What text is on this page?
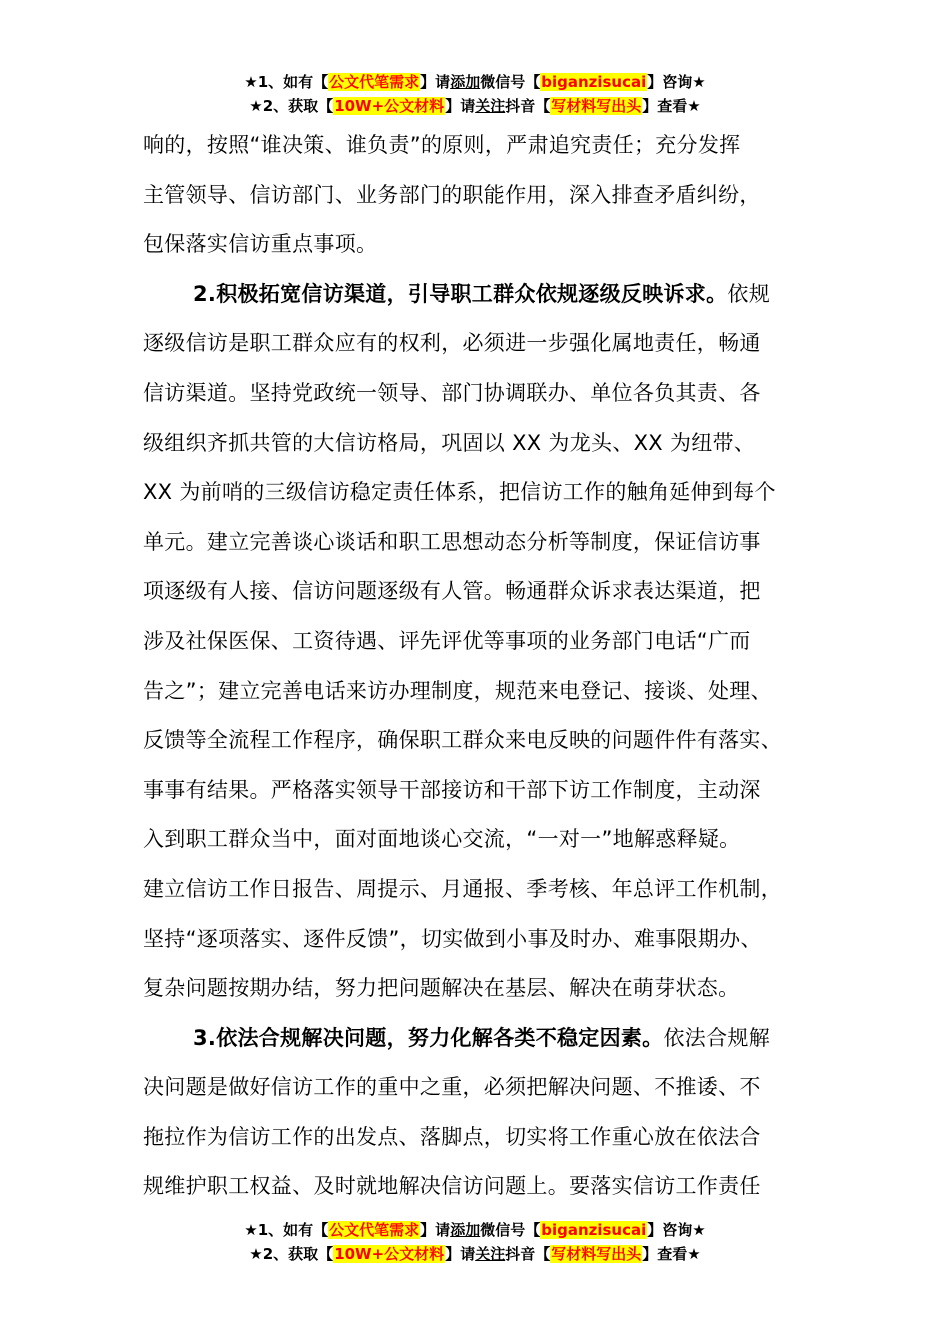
★1、如有【公文代笔需求】请添加微信号【biganzisucai】咨询★
★2、获取【10W+公文材料】请关注抖音【写材料写出头】查看★
响的，按照“谁决策、谁负责”的原则，严肃追究责任；充分发挥
主管领导、信访部门、业务部门的职能作用，深入排查矛盾纠纷，
包保落实信访重点事项。
2.积极拓宽信访渠道，引导职工群众依规逐级反映诉求。依规
逐级信访是职工群众应有的权利，必须进一步强化属地责任，畅通
信访渠道。坚持党政统一领导、部门协调联办、单位各负其责、各
级组织齐抓共管的大信访格局，巩固以 XX 为龙头、XX 为纽带、
XX 为前哨的三级信访稳定责任体系，把信访工作的触角延伸到每个
单元。建立完善谈心谈话和职工思想动态分析等制度，保证信访事
项逐级有人接、信访问题逐级有人管。畅通群众诉求表达渠道，把
涉及社保医保、工资待遇、评先评优等事项的业务部门电话“广而
告之”；建立完善电话来访办理制度，规范来电登记、接谈、处理、
反馈等全流程工作程序，确保职工群众来电反映的问题件件有落实、
事事有结果。严格落实领导干部接访和干部下访工作制度，主动深
入到职工群众当中，面对面地谈心交流，“一对一”地解惑释疑。
建立信访工作日报告、周提示、月通报、季考核、年总评工作机制，
坚持“逐项落实、逐件反馈”，切实做到小事及时办、难事限期办、
复杂问题按期办结，努力把问题解决在基层、解决在萌芽状态。
3.依法合规解决问题，努力化解各类不稳定因素。依法合规解
决问题是做好信访工作的重中之重，必须把解决问题、不推诿、不
拖拉作为信访工作的出发点、落脚点，切实将工作重心放在依法合
规维护职工权益、及时就地解决信访问题上。要落实信访工作责任
★1、如有【公文代笔需求】请添加微信号【biganzisucai】咨询★
★2、获取【10W+公文材料】请关注抖音【写材料写出头】查看★
